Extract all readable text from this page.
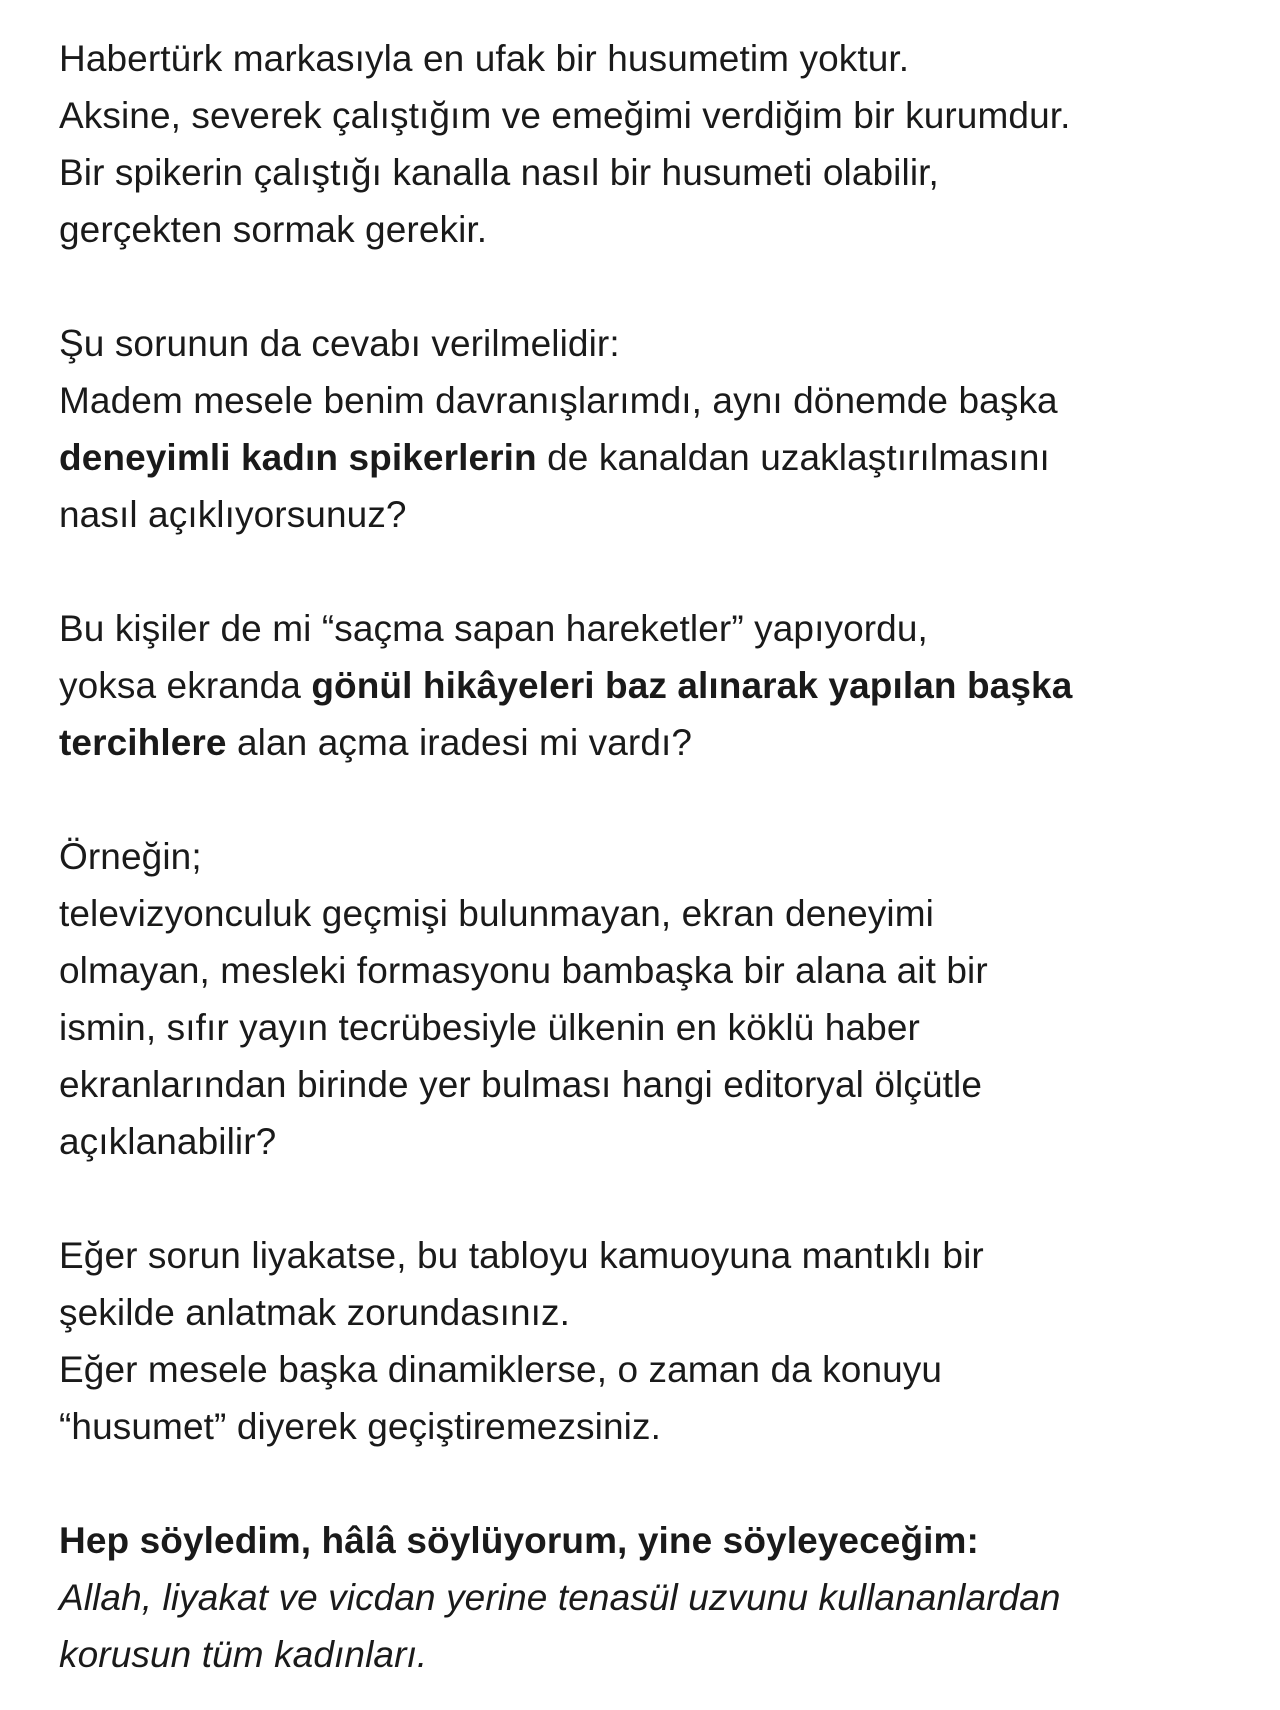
Habertürk markasıyla en ufak bir husumetim yoktur.
Aksine, severek çalıştığım ve emeğimi verdiğim bir kurumdur.
Bir spikerin çalıştığı kanalla nasıl bir husumeti olabilir,
gerçekten sormak gerekir.

Şu sorunun da cevabı verilmelidir:
Madem mesele benim davranışlarımdı, aynı dönemde başka
deneyimli kadın spikerlerin de kanaldan uzaklaştırılmasını
nasıl açıklıyorsunuz?

Bu kişiler de mi “saçma sapan hareketler” yapıyordu,
yoksa ekranda gönül hikâyeleri baz alınarak yapılan başka
tercihlere alan açma iradesi mi vardı?

Örneğin;
televizyonculuk geçmişi bulunmayan, ekran deneyimi
olmayan, mesleki formasyonu bambaşka bir alana ait bir
ismin, sıfır yayın tecrübesiyle ülkenin en köklü haber
ekranlarından birinde yer bulması hangi editoryal ölçütle
açıklanabilir?

Eğer sorun liyakatse, bu tabloyu kamuoyuna mantıklı bir
şekilde anlatmak zorundasınız.
Eğer mesele başka dinamiklerse, o zaman da konuyu
“husumet” diyerek geçiştiremezsiniz.

Hep söyledim, hâlâ söylüyorum, yine söyleyeceğim:
Allah, liyakat ve vicdan yerine tenasül uzvunu kullananlardan
korusun tüm kadınları.
